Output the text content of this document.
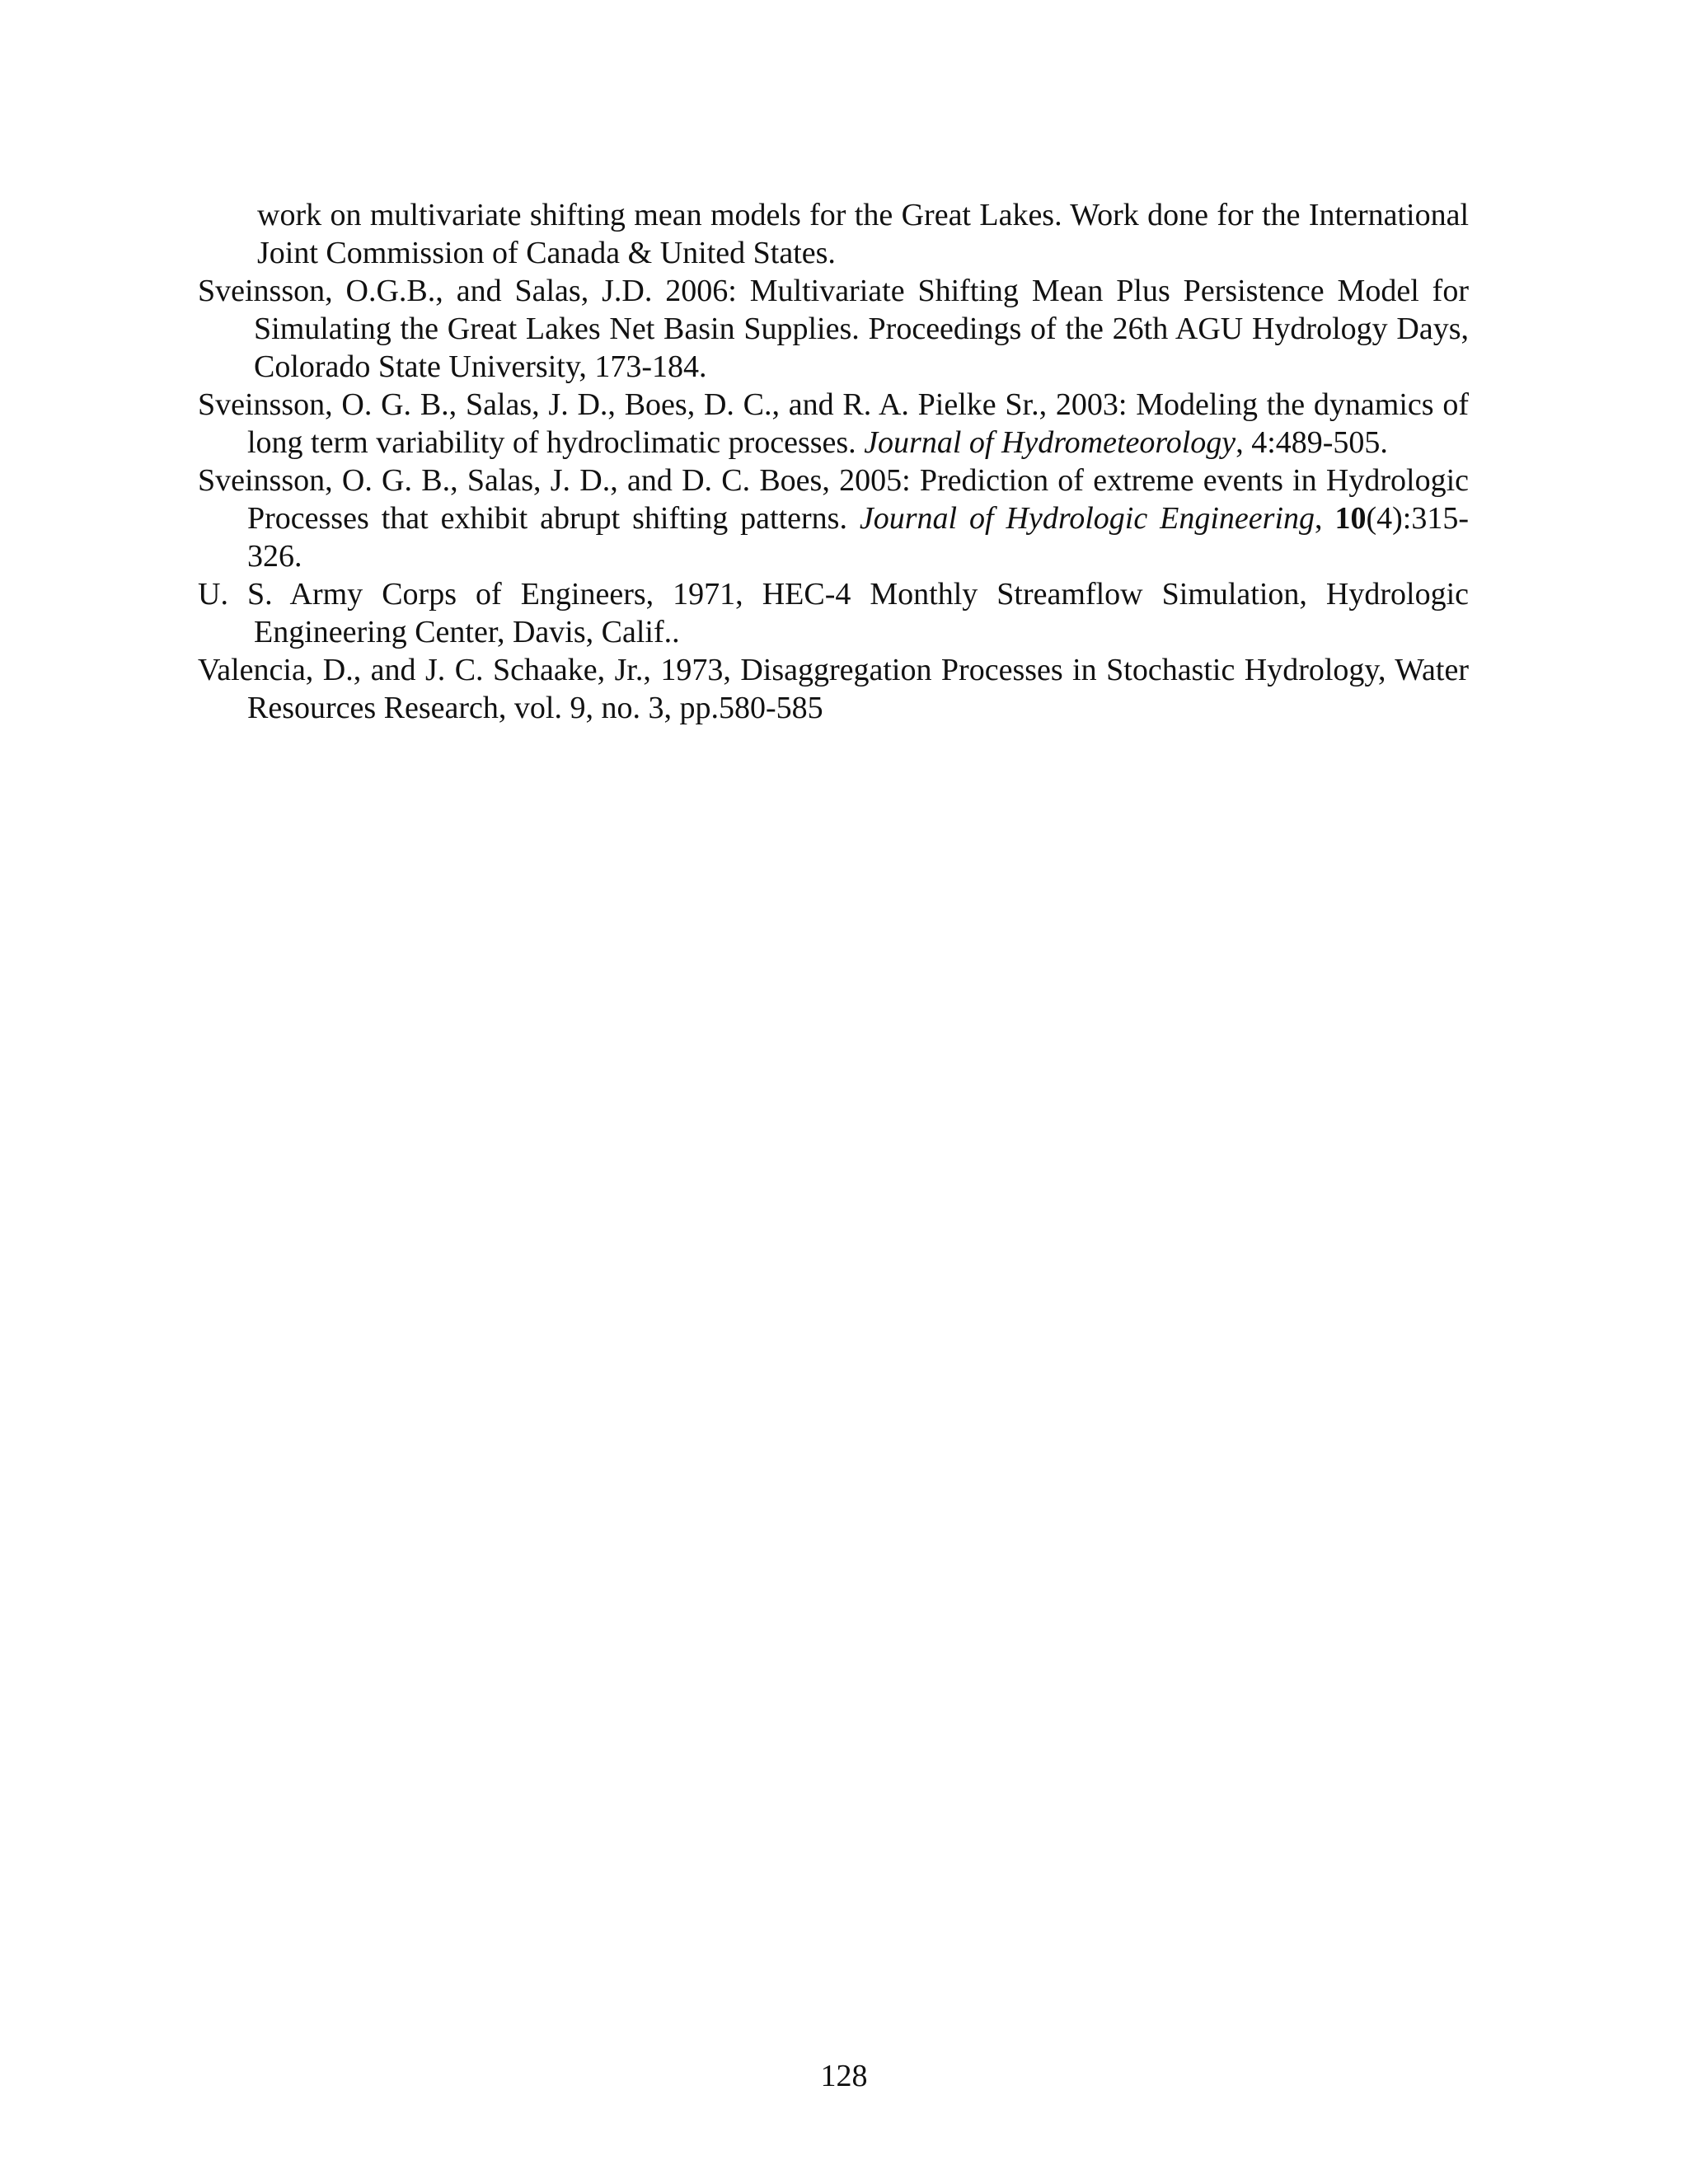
work on multivariate shifting mean models for the Great Lakes. Work done for the International Joint Commission of Canada & United States.

Sveinsson, O.G.B., and Salas, J.D. 2006: Multivariate Shifting Mean Plus Persistence Model for Simulating the Great Lakes Net Basin Supplies. Proceedings of the 26th AGU Hydrology Days, Colorado State University, 173-184.

Sveinsson, O. G. B., Salas, J. D., Boes, D. C., and R. A. Pielke Sr., 2003: Modeling the dynamics of long term variability of hydroclimatic processes. Journal of Hydrometeorology, 4:489-505.

Sveinsson, O. G. B., Salas, J. D., and D. C. Boes, 2005: Prediction of extreme events in Hydrologic Processes that exhibit abrupt shifting patterns. Journal of Hydrologic Engineering, 10(4):315-326.

U. S. Army Corps of Engineers, 1971, HEC-4 Monthly Streamflow Simulation, Hydrologic Engineering Center, Davis, Calif..

Valencia, D., and J. C. Schaake, Jr., 1973, Disaggregation Processes in Stochastic Hydrology, Water Resources Research, vol. 9, no. 3, pp.580-585

128
